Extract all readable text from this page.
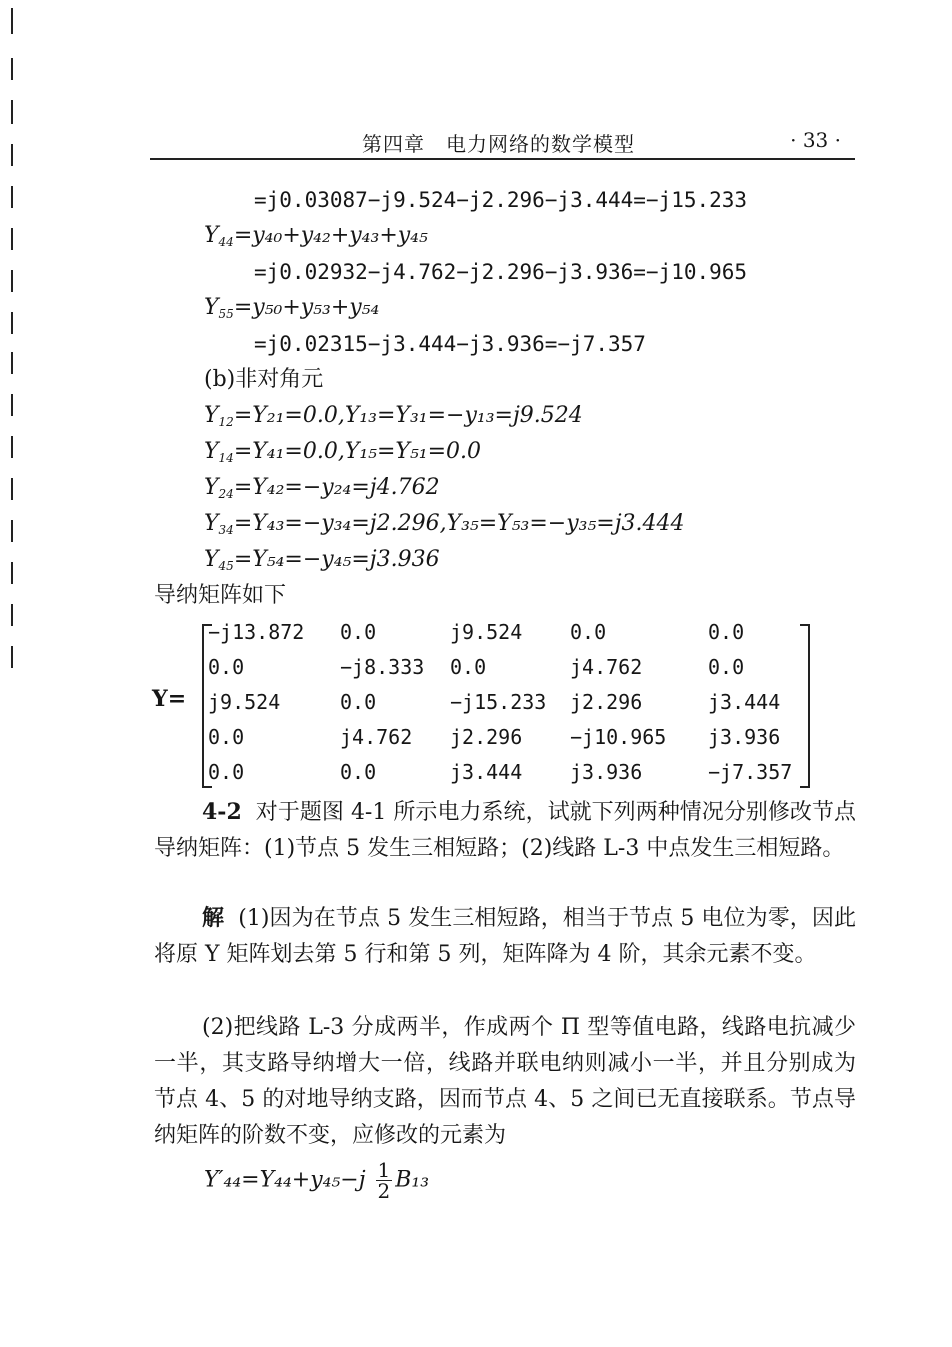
第四章　电力网络的数学模型	· 33 ·
=j0.03087−j9.524−j2.296−j3.444=−j15.233
$Y_{44}=y_{40}+y_{42}+y_{43}+y_{45}$
=j0.02932−j4.762−j2.296−j3.936=−j10.965
$Y_{55}=y_{50}+y_{53}+y_{54}$
=j0.02315−j3.444−j3.936=−j7.357
(b)非对角元
$Y_{12}=Y_{21}=0.0,Y_{13}=Y_{31}=-y_{13}=j9.524$
$Y_{14}=Y_{41}=0.0,Y_{15}=Y_{51}=0.0$
$Y_{24}=Y_{42}=-y_{24}=j4.762$
$Y_{34}=Y_{43}=-y_{34}=j2.296,Y_{35}=Y_{53}=-y_{35}=j3.444$
$Y_{45}=Y_{54}=-y_{45}=j3.936$
导纳矩阵如下
Y=
−j13.872 0.0	j9.524 0.0	0.0
0.0	−j8.333 0.0	j4.762	0.0
j9.524	0.0	−j15.233 j2.296	j3.444
0.0	j4.762 j2.296 −j10.965 j3.936
0.0	0.0	j3.444 j3.936	−j7.357
4-2 对于题图 4-1 所示电力系统，试就下列两种情况分别修改节点导纳矩阵：(1)节点 5 发生三相短路；(2)线路 L-3 中点发生三相短路。
解 (1)因为在节点 5 发生三相短路，相当于节点 5 电位为零，因此将原 Y 矩阵划去第 5 行和第 5 列，矩阵降为 4 阶，其余元素不变。
(2)把线路 L-3 分成两半，作成两个 Π 型等值电路，线路电抗减少一半，其支路导纳增大一倍，线路并联电纳则减小一半，并且分别成为节点 4、5 的对地导纳支路，因而节点 4、5 之间已无直接联系。节点导纳矩阵的阶数不变，应修改的元素为
$Y'_{44}=Y_{44}+y_{45}-j \frac{1}{2} B_{13}$
